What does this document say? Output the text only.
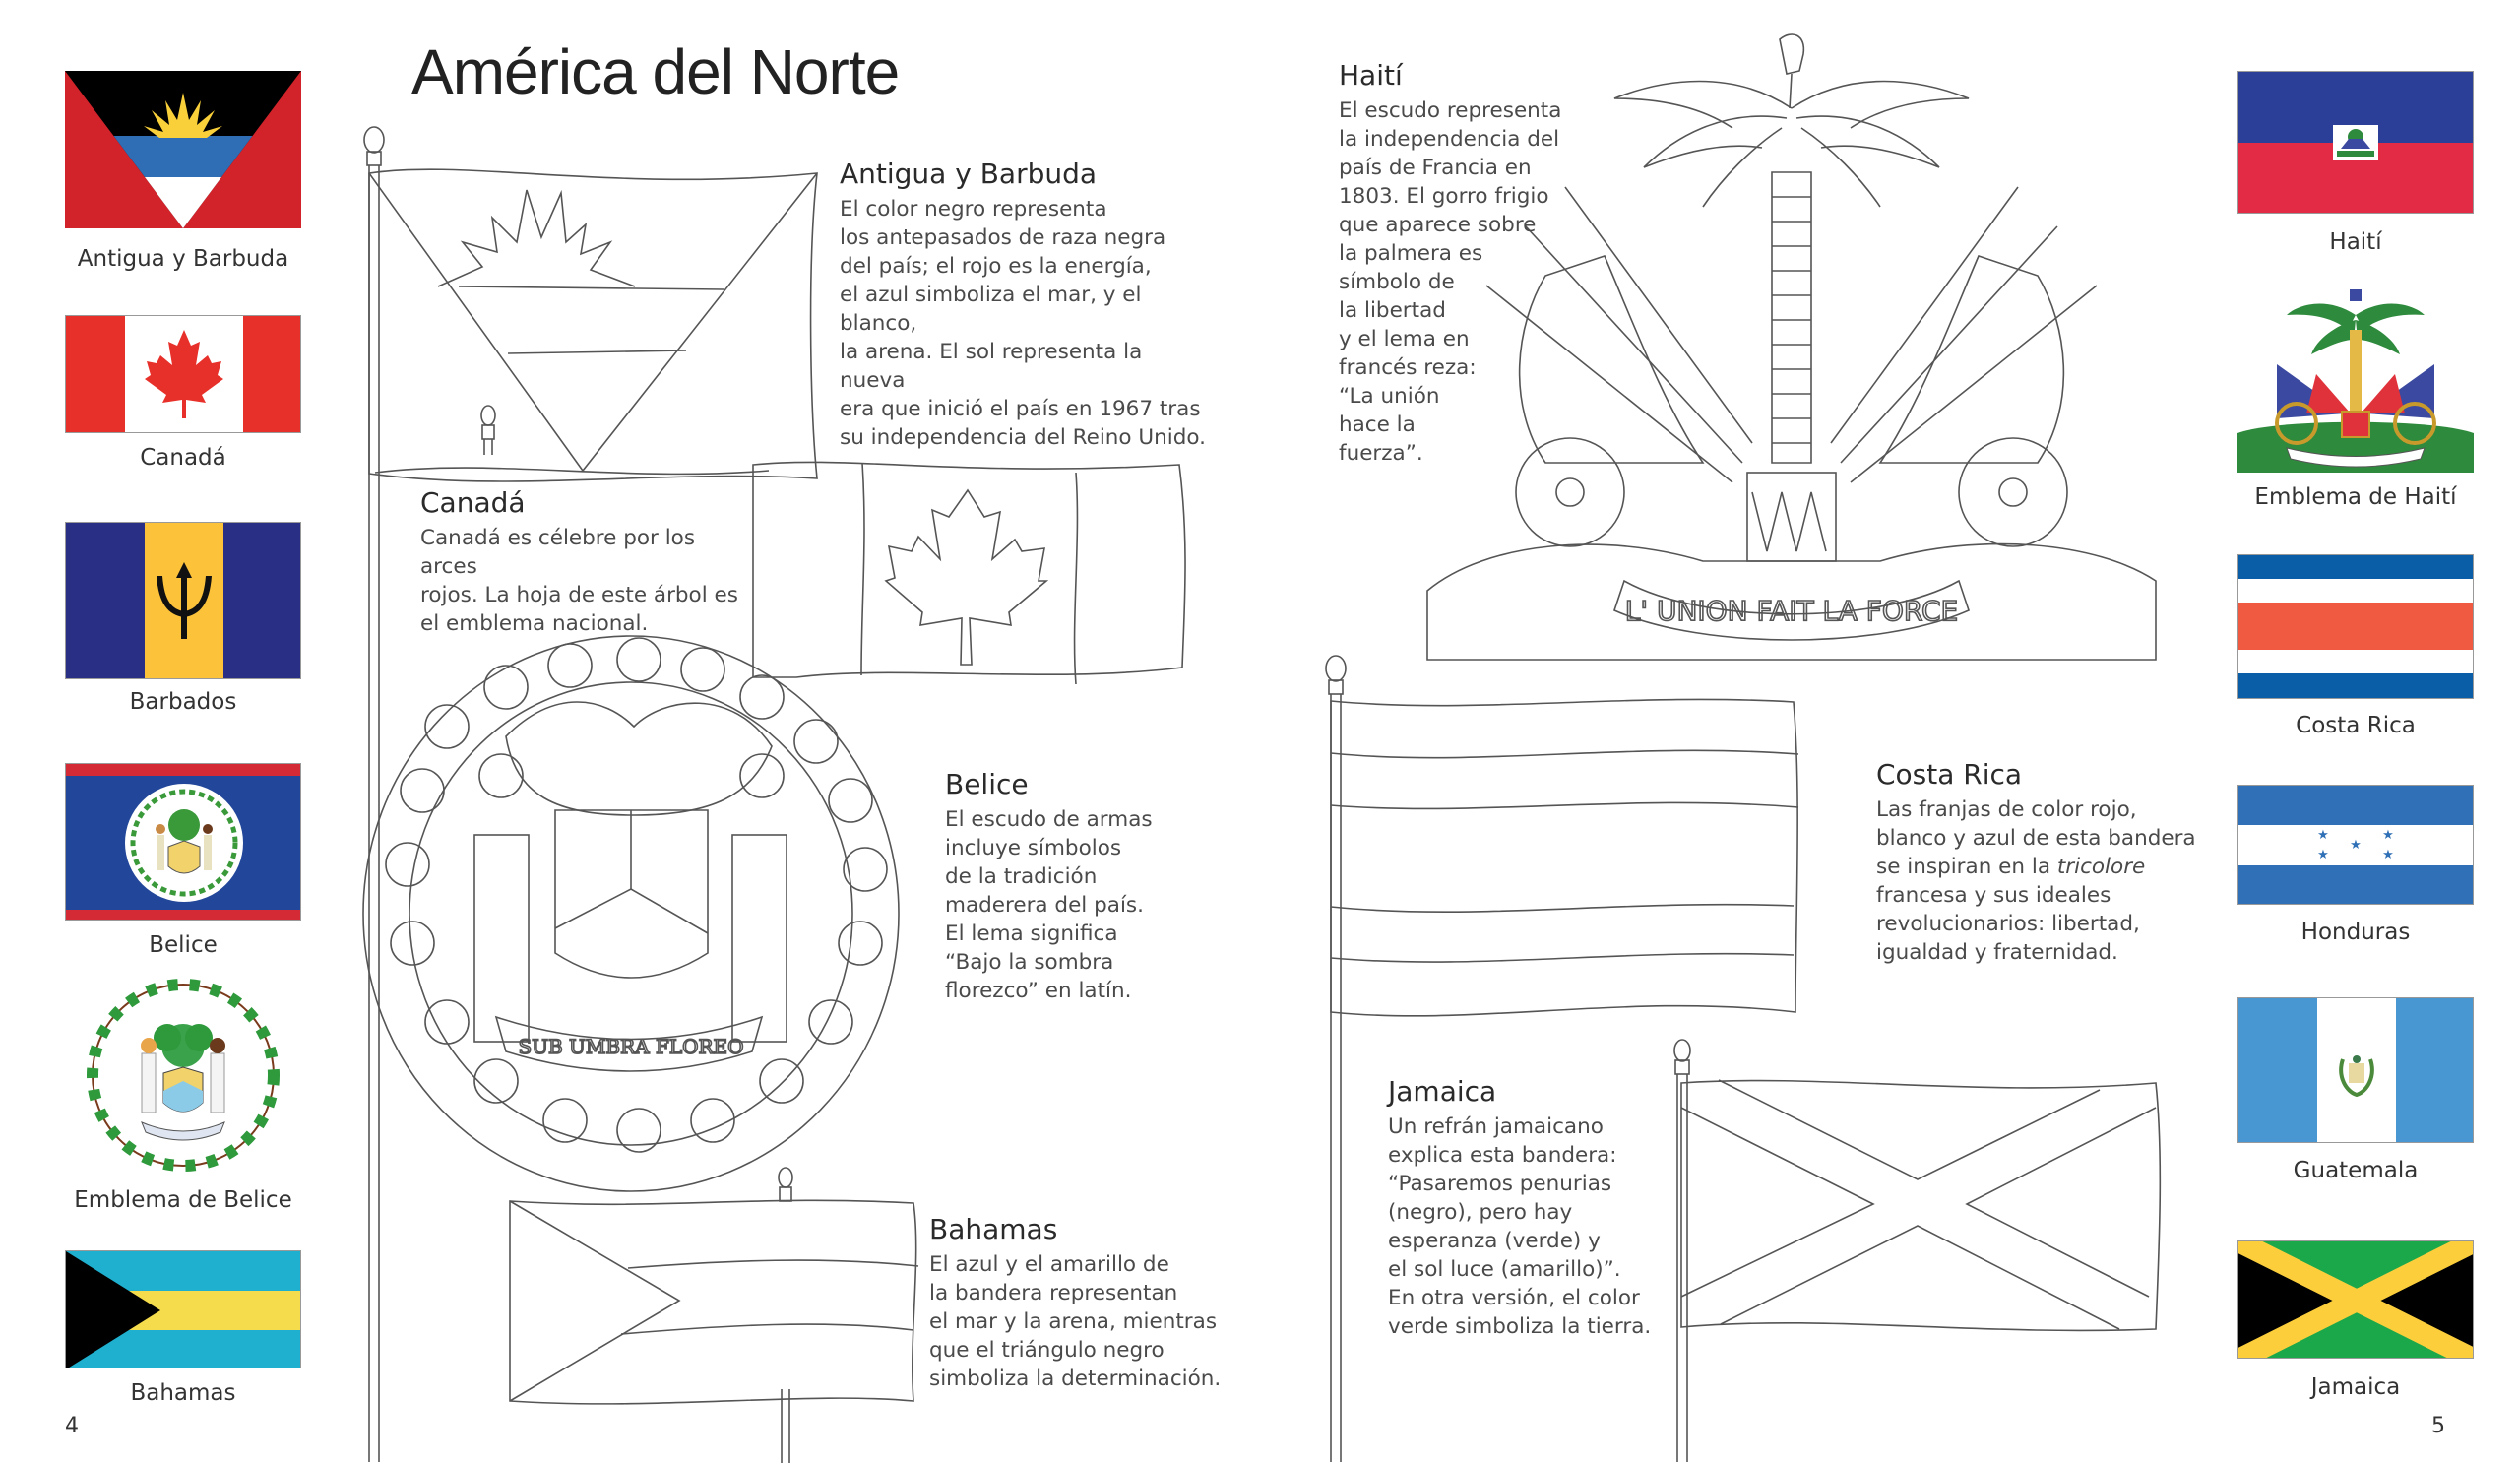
América del Norte
Antigua y Barbuda
Canadá
Barbados
Belice
Emblema de Belice
Bahamas
4
SUB UMBRA FLOREO
Antigua y Barbuda

El color negro representa

los antepasados de raza negra

del país; el rojo es la energía,

el azul simboliza el mar, y el blanco,

la arena. El sol representa la nueva

era que inició el país en 1967 tras

su independencia del Reino Unido.

Canadá

Canadá es célebre por los arces

rojos. La hoja de este árbol es

el emblema nacional.

Belice

El escudo de armas

incluye símbolos

de la tradición

maderera del país.

El lema significa

“Bajo la sombra

florezco” en latín.

Bahamas

El azul y el amarillo de

la bandera representan

el mar y la arena, mientras

que el triángulo negro

simboliza la determinación.

L' UNION FAIT LA FORCE
Haití

El escudo representa

la independencia del

país de Francia en

1803. El gorro frigio

que aparece sobre

la palmera es

símbolo de

la libertad

y el lema en

francés reza:

“La unión

hace la

fuerza”.

Costa Rica

Las franjas de color rojo,

blanco y azul de esta bandera

se inspiran en la tricolore

francesa y sus ideales

revolucionarios: libertad,

igualdad y fraternidad.

Jamaica

Un refrán jamaicano

explica esta bandera:

“Pasaremos penurias

(negro), pero hay

esperanza (verde) y

el sol luce (amarillo)”.

En otra versión, el color

verde simboliza la tierra.

Haití
Emblema de Haití
Costa Rica
★	★
★
★	★
Honduras
Guatemala
Jamaica
5
